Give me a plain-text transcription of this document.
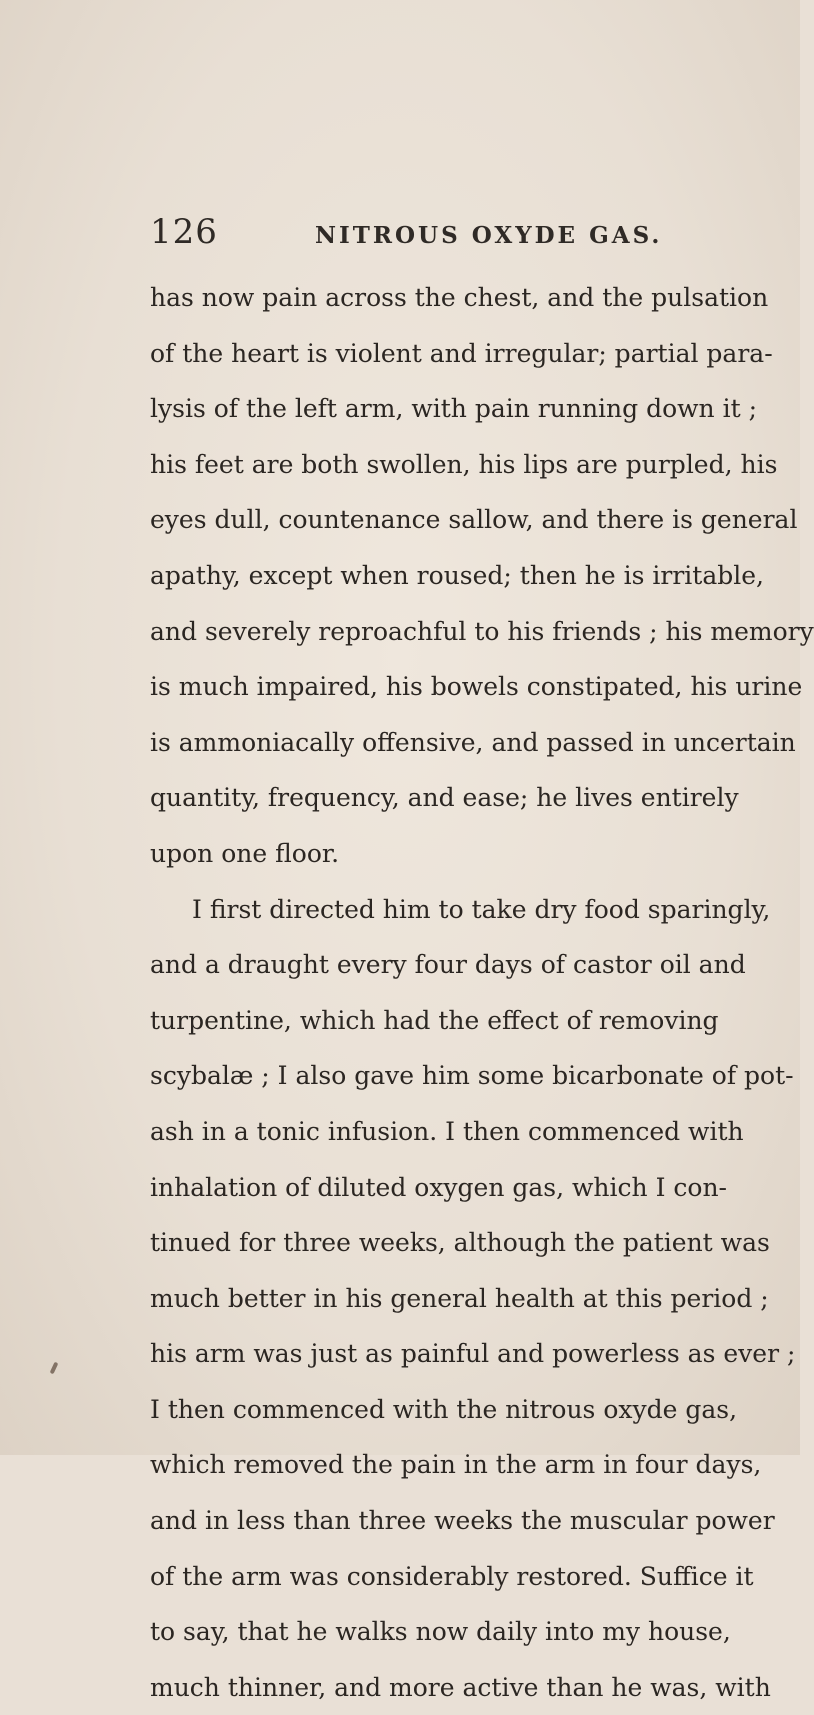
126	NITROUS OXYDE GAS.
has now pain across the chest, and the pulsation
of the heart is violent and irregular; partial para-
lysis of the left arm, with pain running down it ;
his feet are both swollen, his lips are purpled, his
eyes dull, countenance sallow, and there is general
apathy, except when roused; then he is irritable,
and severely reproachful to his friends ; his memory
is much impaired, his bowels constipated, his urine
is ammoniacally offensive, and passed in uncertain
quantity, frequency, and ease; he lives entirely
upon one floor.
I first directed him to take dry food sparingly,
and a draught every four days of castor oil and
turpentine, which had the effect of removing
scybalæ ; I also gave him some bicarbonate of pot-
ash in a tonic infusion. I then commenced with
inhalation of diluted oxygen gas, which I con-
tinued for three weeks, although the patient was
much better in his general health at this period ;
his arm was just as painful and powerless as ever ;
I then commenced with the nitrous oxyde gas,
which removed the pain in the arm in four days,
and in less than three weeks the muscular power
of the arm was considerably restored. Suffice it
to say, that he walks now daily into my house,
much thinner, and more active than he was, with
